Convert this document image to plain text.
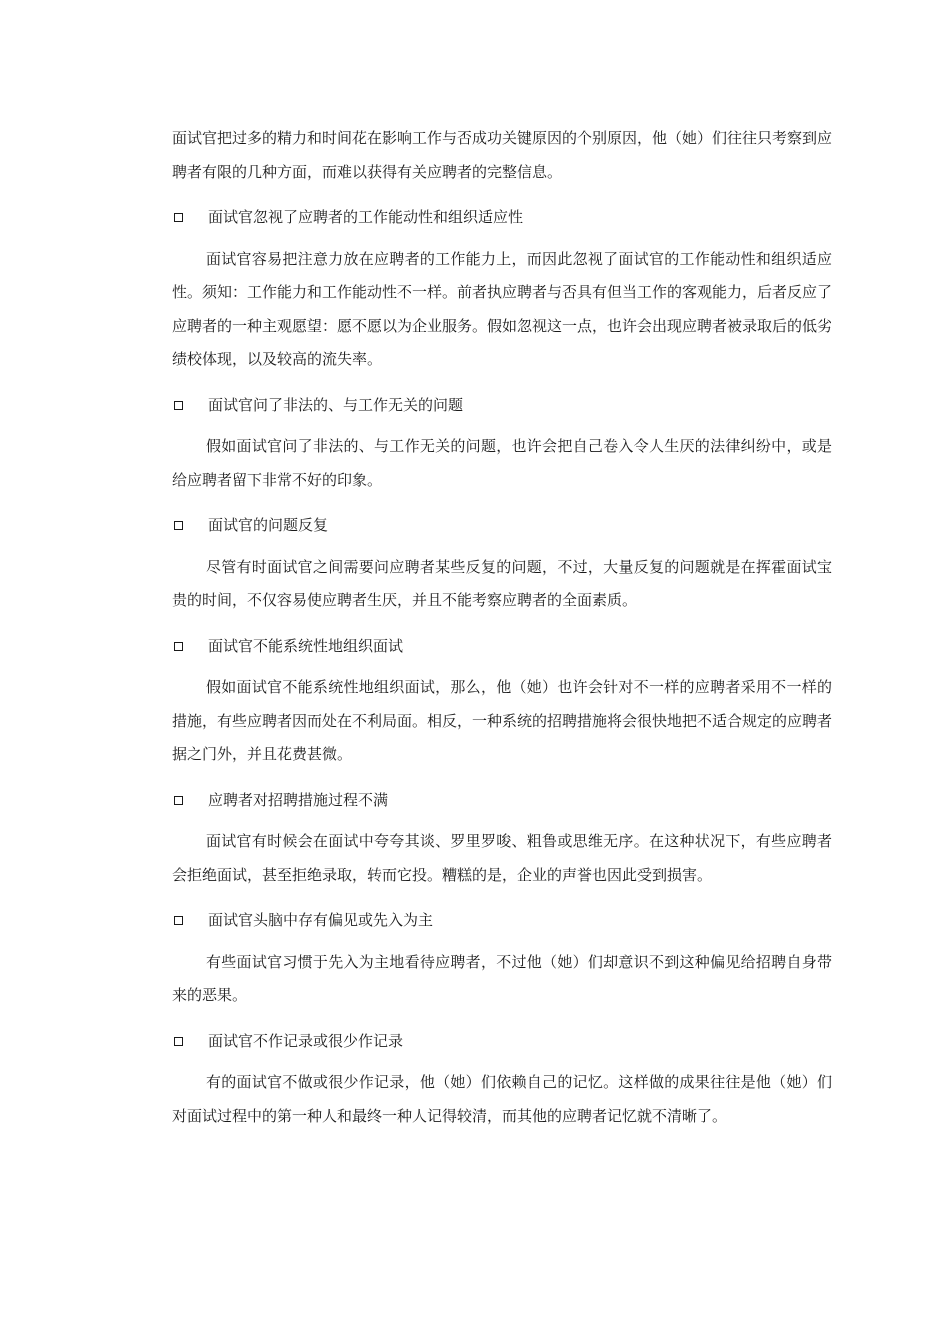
面试官把过多的精力和时间花在影响工作与否成功关键原因的个别原因，他（她）们往往只考察到应聘者有限的几种方面，而难以获得有关应聘者的完整信息。

面试官忽视了应聘者的工作能动性和组织适应性

面试官容易把注意力放在应聘者的工作能力上，而因此忽视了面试官的工作能动性和组织适应性。须知：工作能力和工作能动性不一样。前者执应聘者与否具有但当工作的客观能力，后者反应了应聘者的一种主观愿望：愿不愿以为企业服务。假如忽视这一点，也许会出现应聘者被录取后的低劣绩校体现，以及较高的流失率。

面试官问了非法的、与工作无关的问题

假如面试官问了非法的、与工作无关的问题，也许会把自己卷入令人生厌的法律纠纷中，或是给应聘者留下非常不好的印象。

面试官的问题反复

尽管有时面试官之间需要问应聘者某些反复的问题，不过，大量反复的问题就是在挥霍面试宝贵的时间，不仅容易使应聘者生厌，并且不能考察应聘者的全面素质。

面试官不能系统性地组织面试

假如面试官不能系统性地组织面试，那么，他（她）也许会针对不一样的应聘者采用不一样的措施，有些应聘者因而处在不利局面。相反，一种系统的招聘措施将会很快地把不适合规定的应聘者据之门外，并且花费甚微。

应聘者对招聘措施过程不满

面试官有时候会在面试中夸夸其谈、罗里罗唆、粗鲁或思维无序。在这种状况下，有些应聘者会拒绝面试，甚至拒绝录取，转而它投。糟糕的是，企业的声誉也因此受到损害。

面试官头脑中存有偏见或先入为主

有些面试官习惯于先入为主地看待应聘者，不过他（她）们却意识不到这种偏见给招聘自身带来的恶果。

面试官不作记录或很少作记录

有的面试官不做或很少作记录，他（她）们依赖自己的记忆。这样做的成果往往是他（她）们对面试过程中的第一种人和最终一种人记得较清，而其他的应聘者记忆就不清晰了。
